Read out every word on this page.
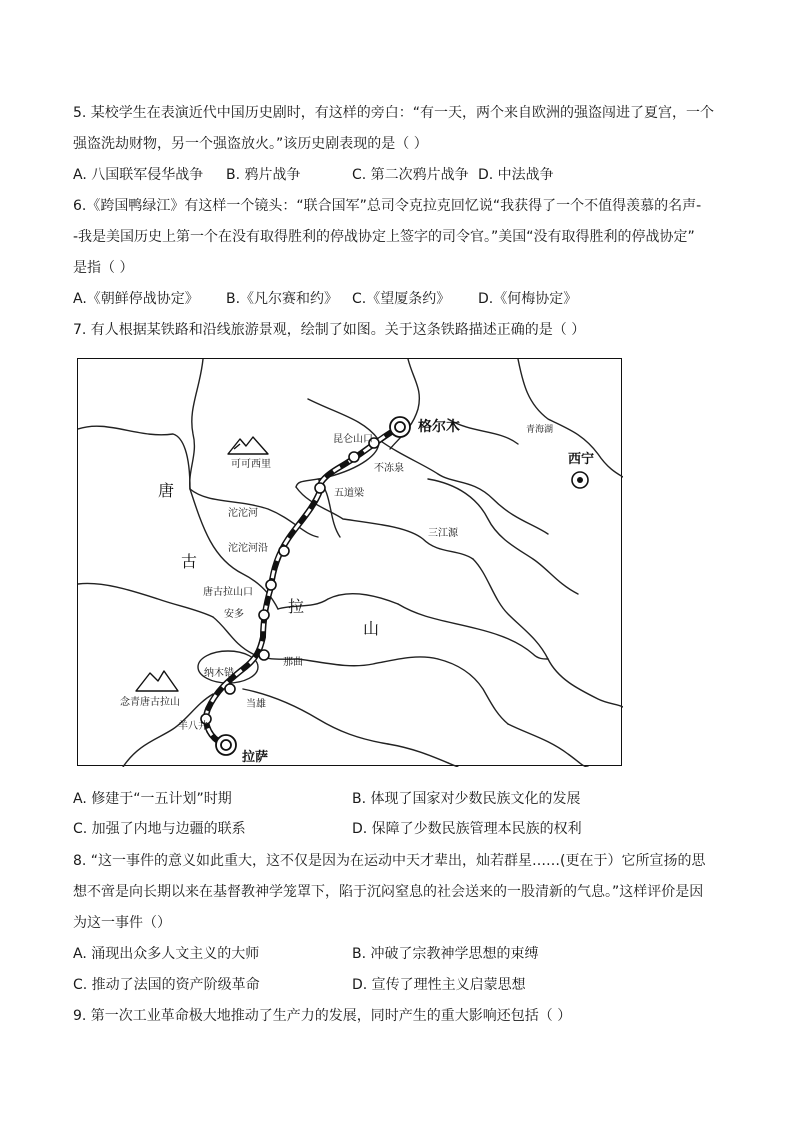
5. 某校学生在表演近代中国历史剧时，有这样的旁白：“有一天，两个来自欧洲的强盗闯进了夏宫，一个
强盗洗劫财物，另一个强盗放火。”该历史剧表现的是（ ）
A. 八国联军侵华战争 B. 鸦片战争	C. 第二次鸦片战争 D. 中法战争
6.《跨国鸭绿江》有这样一个镜头：“联合国军”总司令克拉克回忆说“我获得了一个不值得羡慕的名声-
-我是美国历史上第一个在没有取得胜利的停战协定上签字的司令官。”美国“没有取得胜利的停战协定”
是指（ ）
A.《朝鲜停战协定》 B.《凡尔赛和约》 C.《望厦条约》 D.《何梅协定》
7. 有人根据某铁路和沿线旅游景观，绘制了如图。关于这条铁路描述正确的是（ ）
格尔木	青海湖
西宁
昆仑山口
不冻泉
可可西里
五道梁
沱沱河
沱沱河沿
三江源
唐古拉山口
安多
那曲
纳木错
当雄
念青唐古拉山
羊八井
拉萨
唐
古
拉
山
A. 修建于“一五计划”时期	B. 体现了国家对少数民族文化的发展
C. 加强了内地与边疆的联系	D. 保障了少数民族管理本民族的权利
8. “这一事件的意义如此重大，这不仅是因为在运动中天才辈出，灿若群星……(更在于）它所宣扬的思
想不啻是向长期以来在基督教神学笼罩下，陷于沉闷窒息的社会送来的一股清新的气息。”这样评价是因
为这一事件（）
A. 涌现出众多人文主义的大师	B. 冲破了宗教神学思想的束缚
C. 推动了法国的资产阶级革命	D. 宣传了理性主义启蒙思想
9. 第一次工业革命极大地推动了生产力的发展，同时产生的重大影响还包括（ ）
